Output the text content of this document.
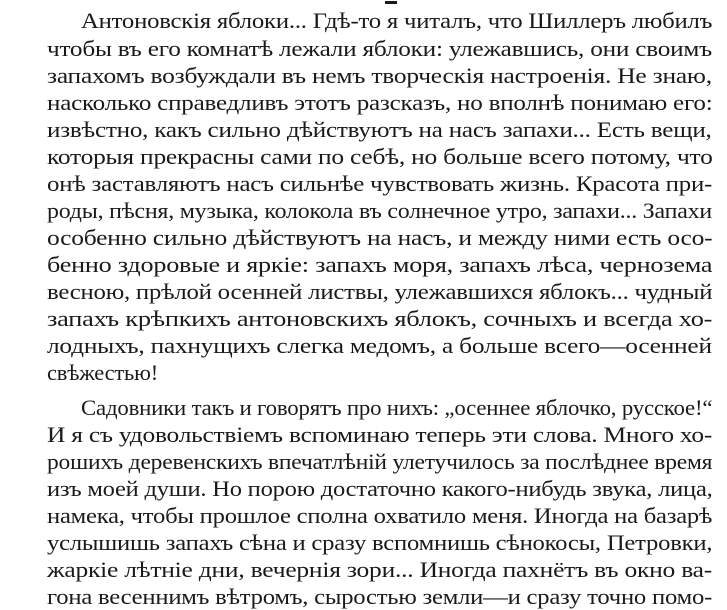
Антоновскія яблоки... Гдѣ-то я читалъ, что Шиллеръ любилъ
чтобы въ его комнатѣ лежали яблоки: улежавшись, они своимъ
запахомъ возбуждали въ немъ творческія настроенія. Не знаю,
насколько справедливъ этотъ разсказъ, но вполнѣ понимаю его:
извѣстно, какъ сильно дѣйствуютъ на насъ запахи... Есть вещи,
которыя прекрасны сами по себѣ, но больше всего потому, что
онѣ заставляютъ насъ сильнѣе чувствовать жизнь. Красота при-
роды, пѣсня, музыка, колокола въ солнечное утро, запахи... Запахи
особенно сильно дѣйствуютъ на насъ, и между ними есть осо-
бенно здоровые и яркіе: запахъ моря, запахъ лѣса, чернозема
весною, прѣлой осенней листвы, улежавшихся яблокъ... чудный
запахъ крѣпкихъ антоновскихъ яблокъ, сочныхъ и всегда хо-
лодныхъ, пахнущихъ слегка медомъ, а больше всего—осенней
свѣжестью!
Садовники такъ и говорятъ про нихъ: „осеннее яблочко, русское!“
И я съ удовольствіемъ вспоминаю теперь эти слова. Много хо-
рошихъ деревенскихъ впечатлѣній улетучилось за послѣднее время
изъ моей души. Но порою достаточно какого-нибудь звука, лица,
намека, чтобы прошлое сполна охватило меня. Иногда на базарѣ
услышишь запахъ сѣна и сразу вспомнишь сѣнокосы, Петровки,
жаркіе лѣтніе дни, вечернія зори... Иногда пахнётъ въ окно ва-
гона весеннимъ вѣтромъ, сыростью земли—и сразу точно помо-
